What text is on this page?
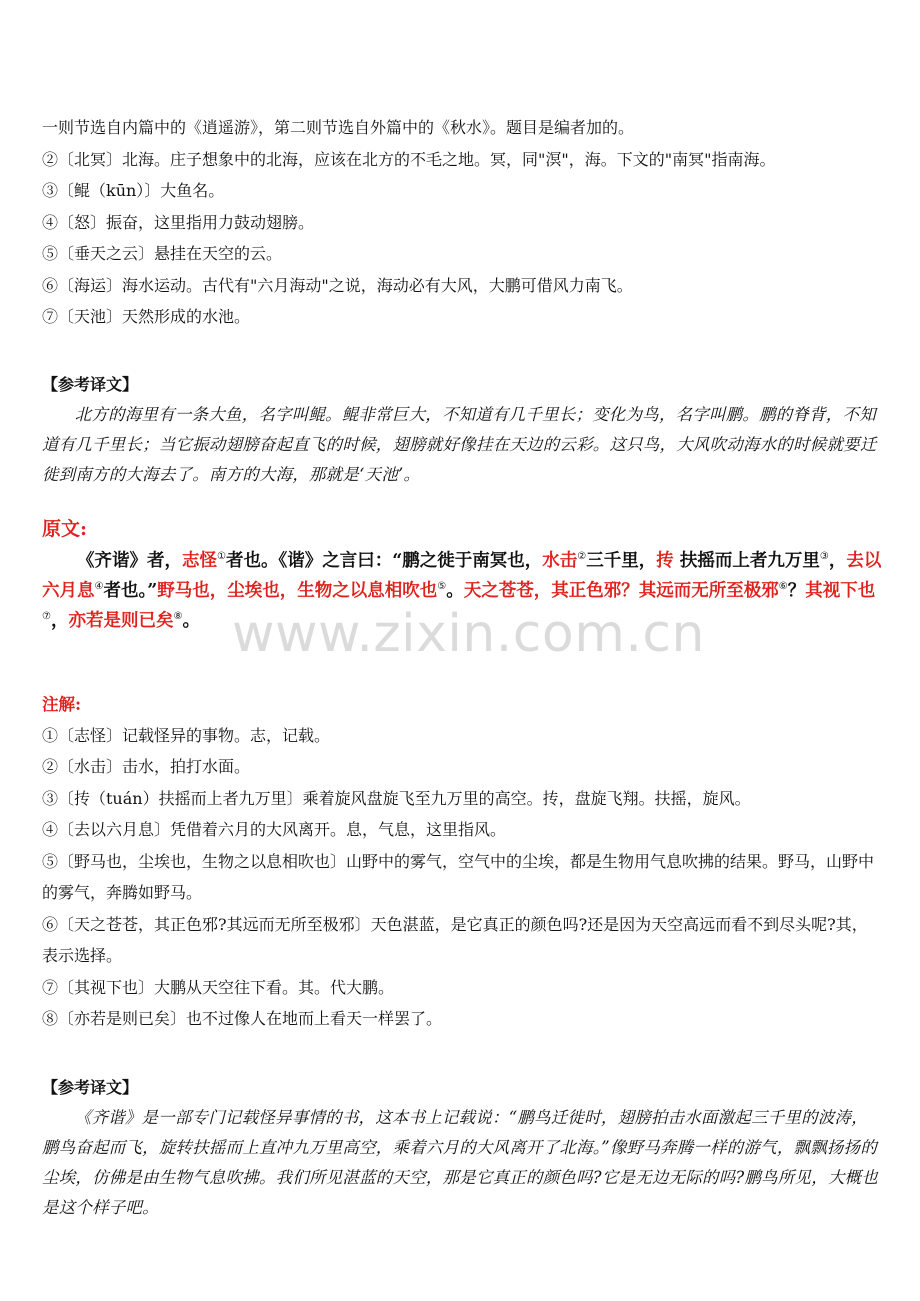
www.zixin.com.cn
一则节选自内篇中的《逍遥游》，第二则节选自外篇中的《秋水》。题目是编者加的。
②〔北冥〕北海。庄子想象中的北海，应该在北方的不毛之地。冥，同"溟"，海。下文的"南冥"指南海。
③〔鲲（kūn）〕大鱼名。
④〔怒〕振奋，这里指用力鼓动翅膀。
⑤〔垂天之云〕悬挂在天空的云。
⑥〔海运〕海水运动。古代有"六月海动"之说，海动必有大风，大鹏可借风力南飞。
⑦〔天池〕天然形成的水池。
【参考译文】
北方的海里有一条大鱼，名字叫鲲。鲲非常巨大，不知道有几千里长；变化为鸟，名字叫鹏。鹏的脊背，不知道有几千里长；当它振动翅膀奋起直飞的时候，翅膀就好像挂在天边的云彩。这只鸟，大风吹动海水的时候就要迁徙到南方的大海去了。南方的大海，那就是‘天池’。
原文:
《齐谐》者，志怪①者也。《谐》之言曰：“鹏之徙于南冥也，水击②三千里，抟 扶摇而上者九万里③，去以六月息④者也。”野马也，尘埃也，生物之以息相吹也⑤。天之苍苍，其正色邪？其远而无所至极邪⑥？其视下也⑦，亦若是则已矣⑧。
注解:
①〔志怪〕记载怪异的事物。志，记载。
②〔水击〕击水，拍打水面。
③〔抟（tuán）扶摇而上者九万里〕乘着旋风盘旋飞至九万里的高空。抟，盘旋飞翔。扶摇，旋风。
④〔去以六月息〕凭借着六月的大风离开。息，气息，这里指风。
⑤〔野马也，尘埃也，生物之以息相吹也〕山野中的雾气，空气中的尘埃，都是生物用气息吹拂的结果。野马，山野中的雾气，奔腾如野马。
⑥〔天之苍苍，其正色邪?其远而无所至极邪〕天色湛蓝，是它真正的颜色吗?还是因为天空高远而看不到尽头呢?其，表示选择。
⑦〔其视下也〕大鹏从天空往下看。其。代大鹏。
⑧〔亦若是则已矣〕也不过像人在地而上看天一样罢了。
【参考译文】
《齐谐》是一部专门记载怪异事情的书，这本书上记载说：“鹏鸟迁徙时，翅膀拍击水面激起三千里的波涛，鹏鸟奋起而飞，旋转扶摇而上直冲九万里高空，乘着六月的大风离开了北海。”像野马奔腾一样的游气，飘飘扬扬的尘埃，仿佛是由生物气息吹拂。我们所见湛蓝的天空，那是它真正的颜色吗?它是无边无际的吗?鹏鸟所见，大概也是这个样子吧。
